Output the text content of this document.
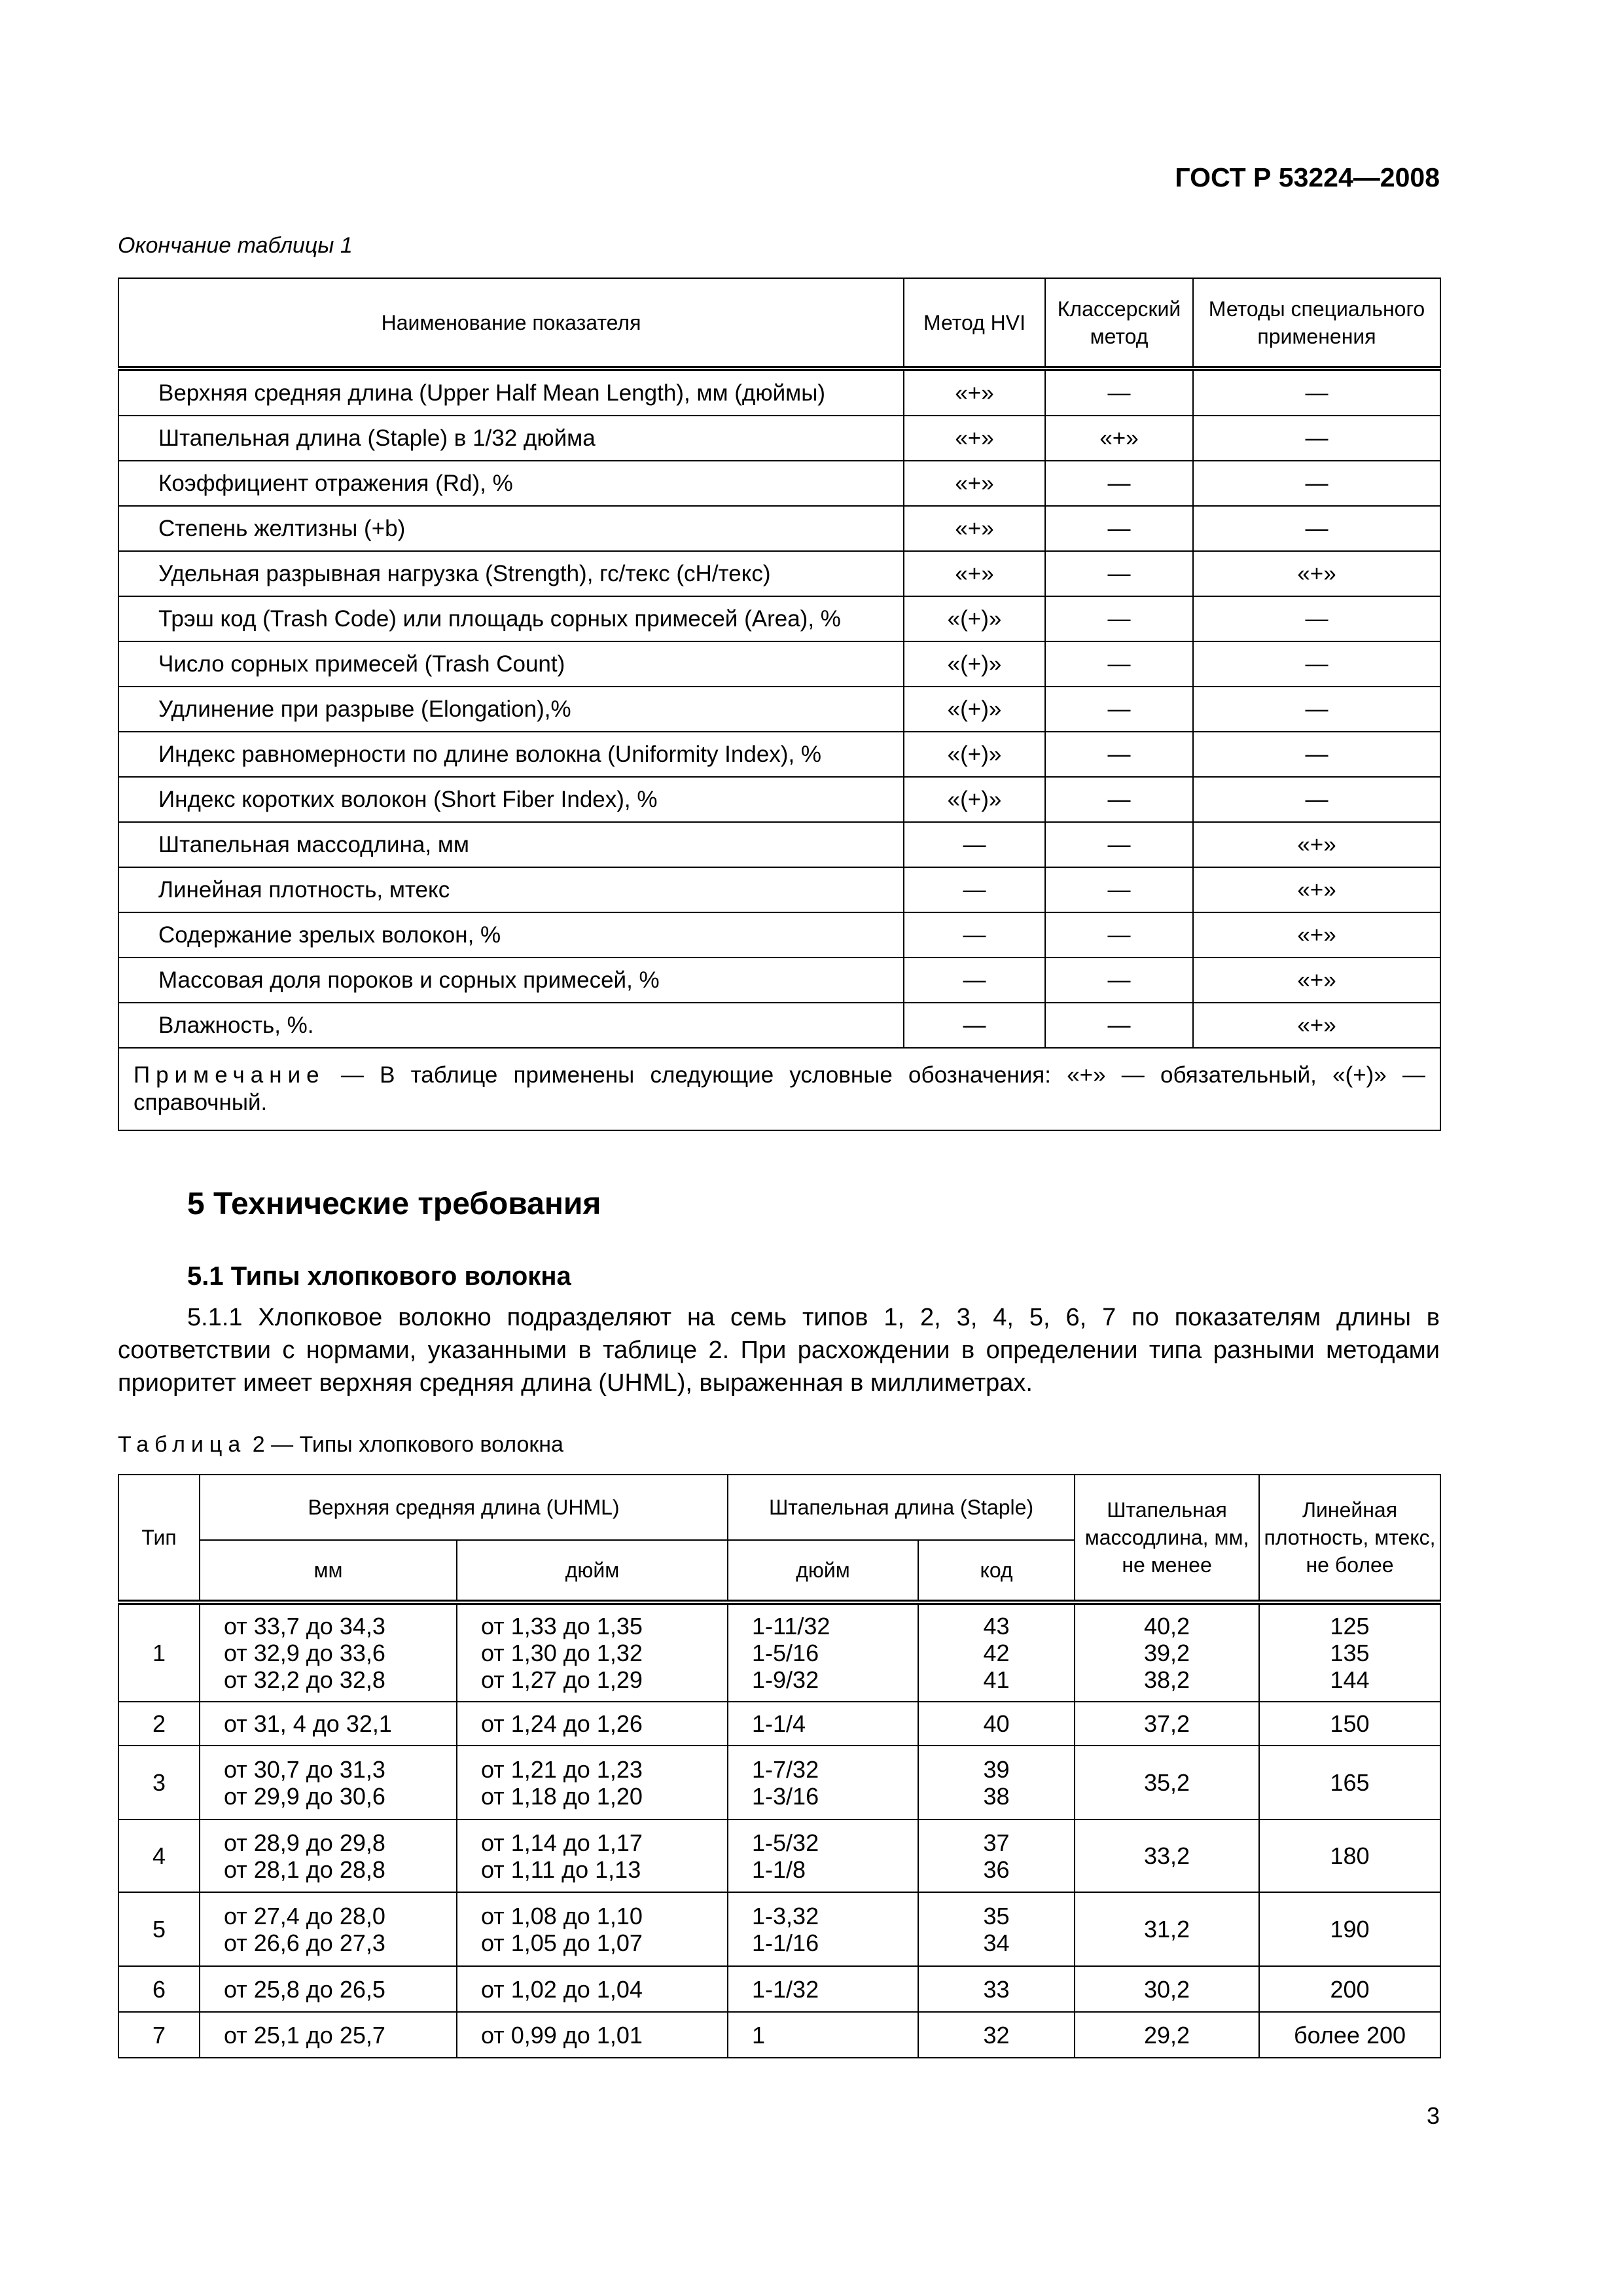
ГОСТ Р 53224—2008
Окончание таблицы 1
Наименование показателя	Метод HVI	Классерский метод	Методы специального применения
Верхняя средняя длина (Upper Half Mean Length), мм (дюймы)	«+»	—	—
Штапельная длина (Staple) в 1/32 дюйма	«+»	«+»	—
Коэффициент отражения (Rd), %	«+»	—	—
Степень желтизны (+b)	«+»	—	—
Удельная разрывная нагрузка (Strength), гс/текс (сН/текс)	«+»	—	«+»
Трэш код (Trash Code) или площадь сорных примесей (Area), %	«(+)»	—	—
Число сорных примесей (Trash Count)	«(+)»	—	—
Удлинение при разрыве (Elongation),%	«(+)»	—	—
Индекс равномерности по длине волокна (Uniformity Index), %	«(+)»	—	—
Индекс коротких волокон (Short Fiber Index), %	«(+)»	—	—
Штапельная массодлина, мм	—	—	«+»
Линейная плотность, мтекс	—	—	«+»
Содержание зрелых волокон, %	—	—	«+»
Массовая доля пороков и сорных примесей, %	—	—	«+»
Влажность, %.	—	—	«+»
Примечание — В таблице применены следующие условные обозначения: «+» — обязательный, «(+)» — справочный.			
5 Технические требования
5.1 Типы хлопкового волокна
5.1.1 Хлопковое волокно подразделяют на семь типов 1, 2, 3, 4, 5, 6, 7 по показателям длины в соответствии с нормами, указанными в таблице 2. При расхождении в определении типа разными методами приоритет имеет верхняя средняя длина (UHML), выраженная в миллиметрах.
Таблица 2 — Типы хлопкового волокна
Тип	Верхняя средняя длина (UHML)		Штапельная длина (Staple)		Штапельная массодлина, мм, не менее	Линейная плотность, мтекс, не более
	мм	дюйм	дюйм	код		
1	от 33,7 до 34,3
от 32,9 до 33,6
от 32,2 до 32,8	от 1,33 до 1,35
от 1,30 до 1,32
от 1,27 до 1,29	1-11/32
1-5/16
1-9/32	43
42
41	40,2
39,2
38,2	125
135
144
2	от 31, 4 до 32,1	от 1,24 до 1,26	1-1/4	40	37,2	150
3	от 30,7 до 31,3
от 29,9 до 30,6	от 1,21 до 1,23
от 1,18 до 1,20	1-7/32
1-3/16	39
38	35,2	165
4	от 28,9 до 29,8
от 28,1 до 28,8	от 1,14 до 1,17
от 1,11 до 1,13	1-5/32
1-1/8	37
36	33,2	180
5	от 27,4 до 28,0
от 26,6 до 27,3	от 1,08 до 1,10
от 1,05 до 1,07	1-3,32
1-1/16	35
34	31,2	190
6	от 25,8 до 26,5	от 1,02 до 1,04	1-1/32	33	30,2	200
7	от 25,1 до 25,7	от 0,99 до 1,01	1	32	29,2	более 200
3
